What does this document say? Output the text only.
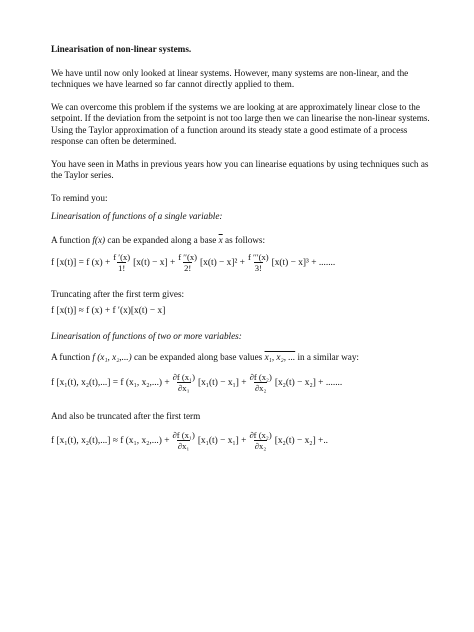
Linearisation of non-linear systems.

We have until now only looked at linear systems. However, many systems are non-linear, and the techniques we have learned so far cannot directly applied to them.

We can overcome this problem if the systems we are looking at are approximately linear close to the setpoint. If the deviation from the setpoint is not too large then we can linearise the non-linear systems. Using the Taylor approximation of a function around its steady state a good estimate of a process response can often be determined.

You have seen in Maths in previous years how you can linearise equations by using techniques such as the Taylor series.

To remind you:

Linearisation of functions of a single variable:

A function f(x) can be expanded along a base $\overline{x}$ as follows:

f [x(t)] = f $(x) + \frac{f '(x)}{1!} [x(t) - x] + \frac{f ''(x)}{2!} [x(t) - x]^2 + \frac{f '''(x)}{3!} [x(t) - x]^3$ + .......

Truncating after the first term gives:

f [x(t)] ≈ f (x) + f ′(x)[x(t) − x]

Linearisation of functions of two or more variables:

A function f (x₁, x₂,...) can be expanded along base values x₁, x₂, ... in a similar way:

f [x₁(t), x₂(t),...] = f (x₁, $x_2,...) + \frac{\text{∂f (x₁)}}{\text{∂x₁}} [x_1(t) - x_1] + \frac{\text{∂f (x₂)}}{\text{∂x₂}} [x_2(t) - x_2]$ + .......

And also be truncated after the first term

f [x₁(t), x₂(t),...] ≈ f (x₁, $x_2,...) + \frac{\text{∂f (x₁)}}{\text{∂x₁}} [x_1(t) - x_1] + \frac{\text{∂f (x₂)}}{\text{∂x₂}} [x_2(t) - x_2]$ +..
